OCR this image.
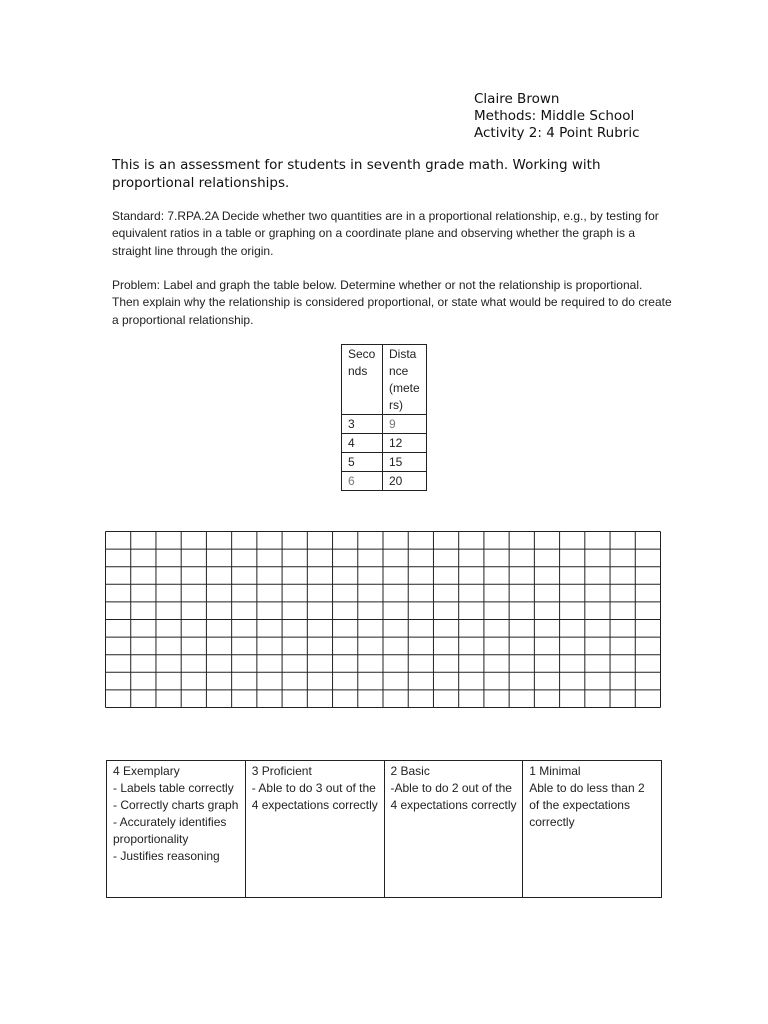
Claire Brown
Methods: Middle School
Activity 2: 4 Point Rubric
This is an assessment for students in seventh grade math. Working with proportional relationships.
Standard: 7.RPA.2A Decide whether two quantities are in a proportional relationship, e.g., by testing for equivalent ratios in a table or graphing on a coordinate plane and observing whether the graph is a straight line through the origin.
Problem: Label and graph the table below. Determine whether or not the relationship is proportional. Then explain why the relationship is considered proportional, or state what would be required to do create a proportional relationship.
Seconds	Distance (meters)
3	9
4	12
5	15
6	20
4 Exemplary
- Labels table correctly
- Correctly charts graph
- Accurately identifies proportionality
- Justifies reasoning

3 Proficient
- Able to do 3 out of the 4 expectations correctly

2 Basic
-Able to do 2 out of the 4 expectations correctly

1 Minimal
Able to do less than 2 of the expectations correctly
